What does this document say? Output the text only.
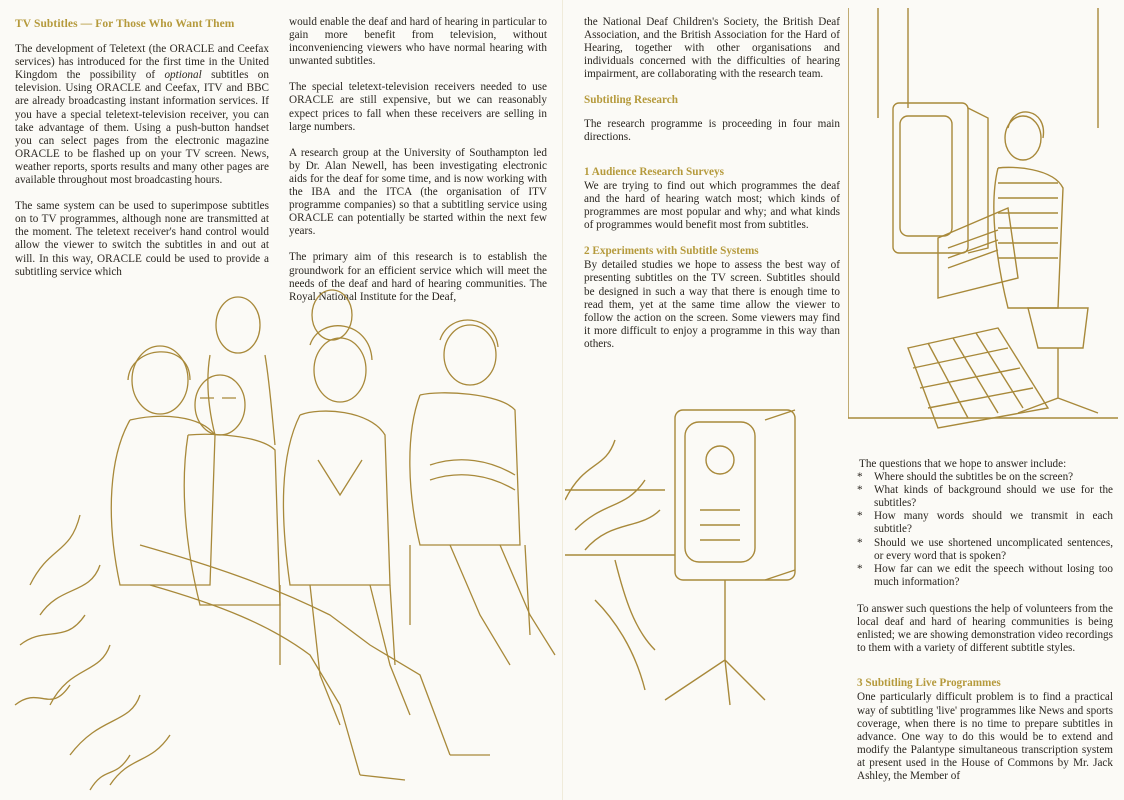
TV Subtitles — For Those Who Want Them

The development of Teletext (the ORACLE and Ceefax services) has introduced for the first time in the United Kingdom the possibility of optional subtitles on television. Using ORACLE and Ceefax, ITV and BBC are already broadcasting instant information services. If you have a special teletext-television receiver, you can take advantage of them. Using a push-button handset you can select pages from the electronic magazine ORACLE to be flashed up on your TV screen. News, weather reports, sports results and many other pages are available throughout most broadcasting hours.

The same system can be used to superimpose subtitles on to TV programmes, although none are transmitted at the moment. The teletext receiver's hand control would allow the viewer to switch the subtitles in and out at will. In this way, ORACLE could be used to provide a subtitling service which

would enable the deaf and hard of hearing in particular to gain more benefit from television, without inconveniencing viewers who have normal hearing with unwanted subtitles.

The special teletext-television receivers needed to use ORACLE are still expensive, but we can reasonably expect prices to fall when these receivers are selling in large numbers.

A research group at the University of Southampton led by Dr. Alan Newell, has been investigating electronic aids for the deaf for some time, and is now working with the IBA and the ITCA (the organisation of ITV programme companies) so that a subtitling service using ORACLE can potentially be started within the next few years.

The primary aim of this research is to establish the groundwork for an efficient service which will meet the needs of the deaf and hard of hearing communities. The Royal National Institute for the Deaf,

the National Deaf Children's Society, the British Deaf Association, and the British Association for the Hard of Hearing, together with other organisations and individuals concerned with the difficulties of hearing impairment, are collaborating with the research team.

Subtitling Research

The research programme is proceeding in four main directions.

1 Audience Research Surveys

We are trying to find out which programmes the deaf and the hard of hearing watch most; which kinds of programmes are most popular and why; and what kinds of programmes would benefit most from subtitles.

2 Experiments with Subtitle Systems

By detailed studies we hope to assess the best way of presenting subtitles on the TV screen. Subtitles should be designed in such a way that there is enough time to read them, yet at the same time allow the viewer to follow the action on the screen. Some viewers may find it more difficult to enjoy a programme in this way than others.

The questions that we hope to answer include:
*	Where should the subtitles be on the screen?
*	What kinds of background should we use for the subtitles?
*	How many words should we transmit in each subtitle?
*	Should we use shortened uncomplicated sentences, or every word that is spoken?
*	How far can we edit the speech without losing too much information?

To answer such questions the help of volunteers from the local deaf and hard of hearing communities is being enlisted; we are showing demonstration video recordings to them with a variety of different subtitle styles.

3 Subtitling Live Programmes

One particularly difficult problem is to find a practical way of subtitling 'live' programmes like News and sports coverage, when there is no time to prepare subtitles in advance. One way to do this would be to extend and modify the Palantype simultaneous transcription system at present used in the House of Commons by Mr. Jack Ashley, the Member of
